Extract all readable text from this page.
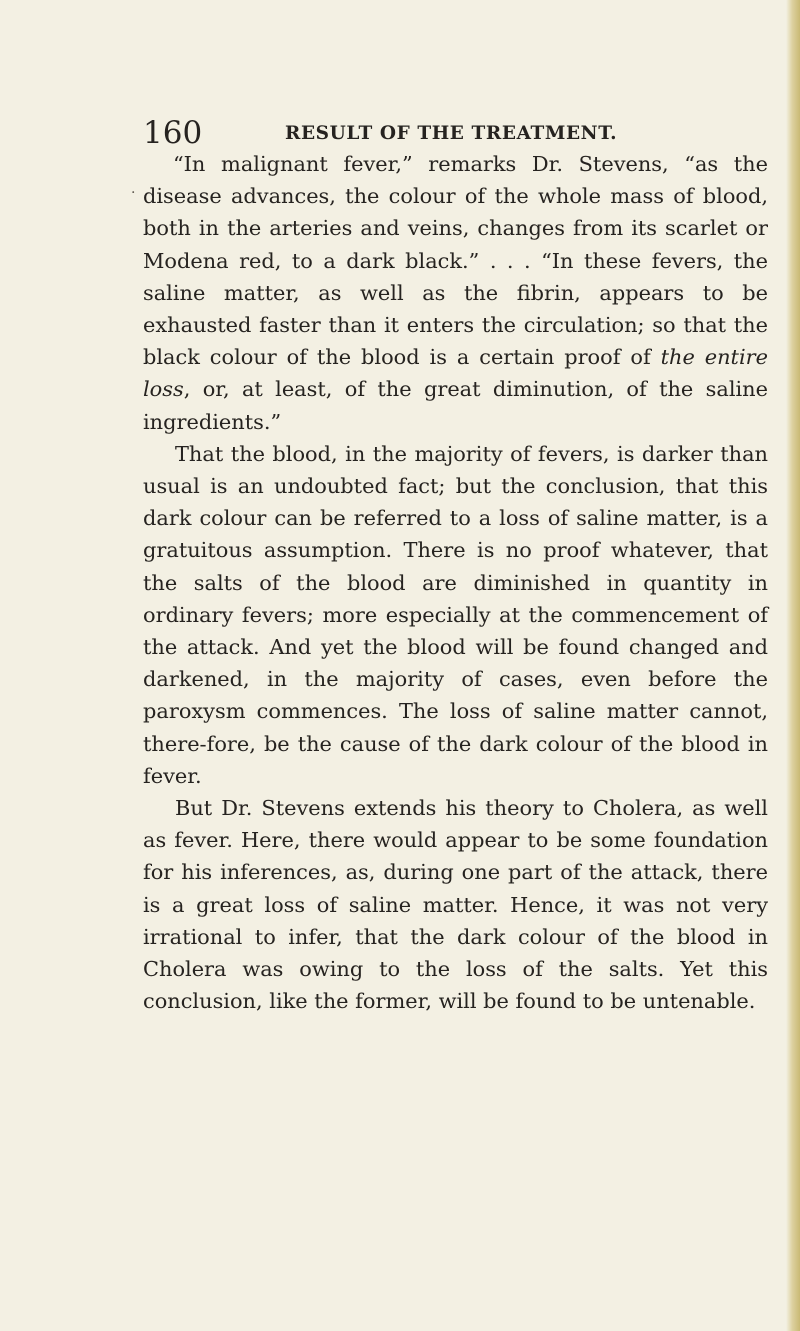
160	RESULT OF THE TREATMENT.
·

“In malignant fever,” remarks Dr. Stevens, “as the disease advances, the colour of the whole mass of blood, both in the arteries and veins, changes from its scarlet or Modena red, to a dark black.” . . . “In these fevers, the saline matter, as well as the fibrin, appears to be exhausted faster than it enters the circulation; so that the black colour of the blood is a certain proof of the entire loss, or, at least, of the great diminution, of the saline ingredients.”

That the blood, in the majority of fevers, is darker than usual is an undoubted fact; but the conclusion, that this dark colour can be referred to a loss of saline matter, is a gratuitous assumption. There is no proof whatever, that the salts of the blood are diminished in quantity in ordinary fevers; more especially at the commencement of the attack. And yet the blood will be found changed and darkened, in the majority of cases, even before the paroxysm commences. The loss of saline matter cannot, there-fore, be the cause of the dark colour of the blood in fever.

But Dr. Stevens extends his theory to Cholera, as well as fever. Here, there would appear to be some foundation for his inferences, as, during one part of the attack, there is a great loss of saline matter. Hence, it was not very irrational to infer, that the dark colour of the blood in Cholera was owing to the loss of the salts. Yet this conclusion, like the former, will be found to be untenable.
